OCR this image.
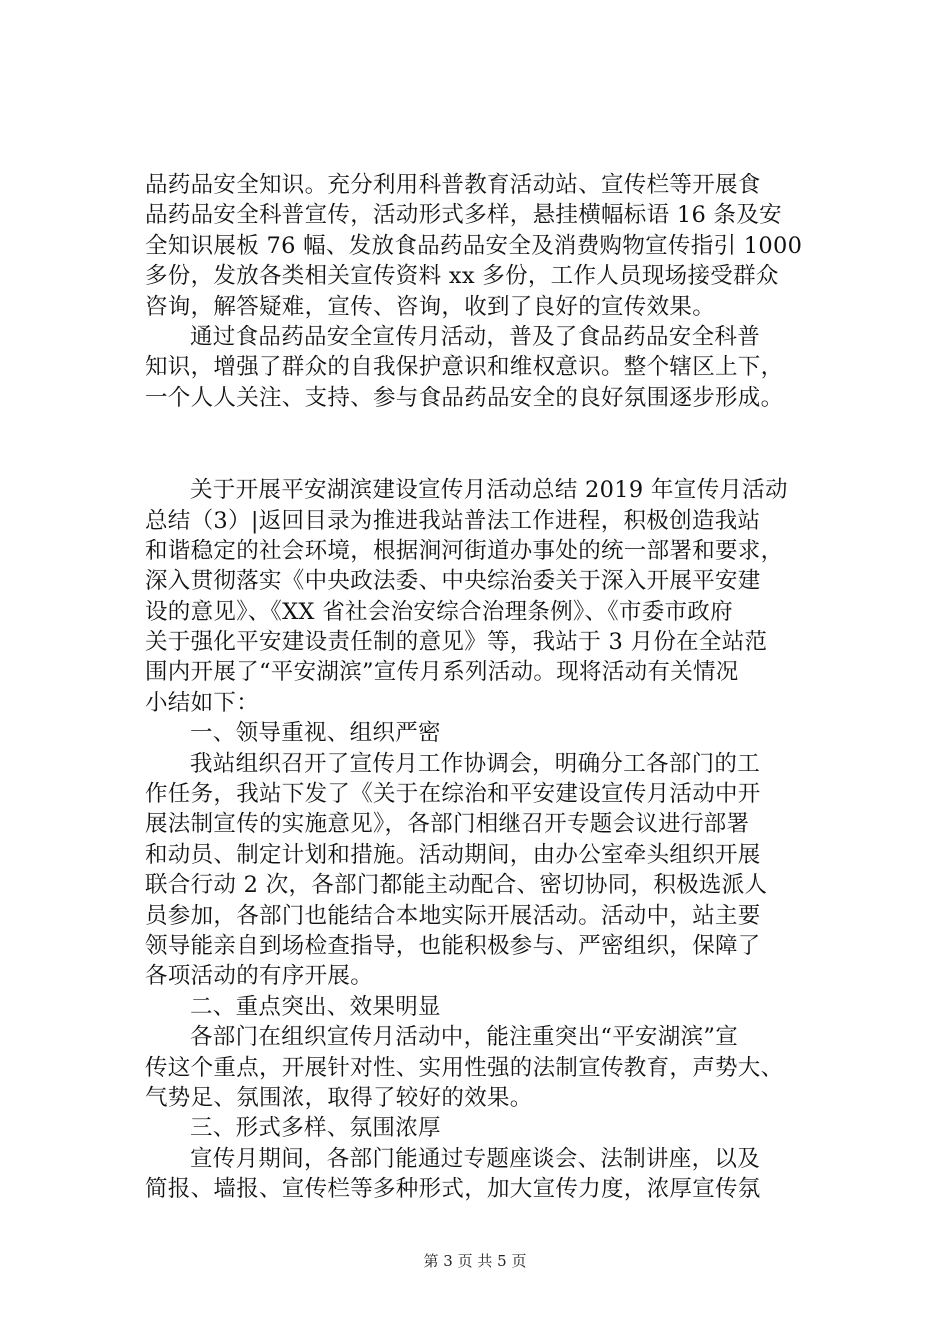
品药品安全知识。充分利用科普教育活动站、宣传栏等开展食
品药品安全科普宣传，活动形式多样，悬挂横幅标语 16 条及安
全知识展板 76 幅、发放食品药品安全及消费购物宣传指引 1000
多份，发放各类相关宣传资料 xx 多份，工作人员现场接受群众
咨询，解答疑难，宣传、咨询，收到了良好的宣传效果。
通过食品药品安全宣传月活动，普及了食品药品安全科普
知识，增强了群众的自我保护意识和维权意识。整个辖区上下，
一个人人关注、支持、参与食品药品安全的良好氛围逐步形成。
关于开展平安湖滨建设宣传月活动总结 2019 年宣传月活动
总结（3）|返回目录为推进我站普法工作进程，积极创造我站
和谐稳定的社会环境，根据涧河街道办事处的统一部署和要求，
深入贯彻落实《中央政法委、中央综治委关于深入开展平安建
设的意见》、《XX 省社会治安综合治理条例》、《市委市政府
关于强化平安建设责任制的意见》等，我站于 3 月份在全站范
围内开展了“平安湖滨”宣传月系列活动。现将活动有关情况
小结如下：
一、领导重视、组织严密
我站组织召开了宣传月工作协调会，明确分工各部门的工
作任务，我站下发了《关于在综治和平安建设宣传月活动中开
展法制宣传的实施意见》，各部门相继召开专题会议进行部署
和动员、制定计划和措施。活动期间，由办公室牵头组织开展
联合行动 2 次，各部门都能主动配合、密切协同，积极选派人
员参加，各部门也能结合本地实际开展活动。活动中，站主要
领导能亲自到场检查指导，也能积极参与、严密组织，保障了
各项活动的有序开展。
二、重点突出、效果明显
各部门在组织宣传月活动中，能注重突出“平安湖滨”宣
传这个重点，开展针对性、实用性强的法制宣传教育，声势大、
气势足、氛围浓，取得了较好的效果。
三、形式多样、氛围浓厚
宣传月期间，各部门能通过专题座谈会、法制讲座，以及
简报、墙报、宣传栏等多种形式，加大宣传力度，浓厚宣传氛
第 3 页 共 5 页
